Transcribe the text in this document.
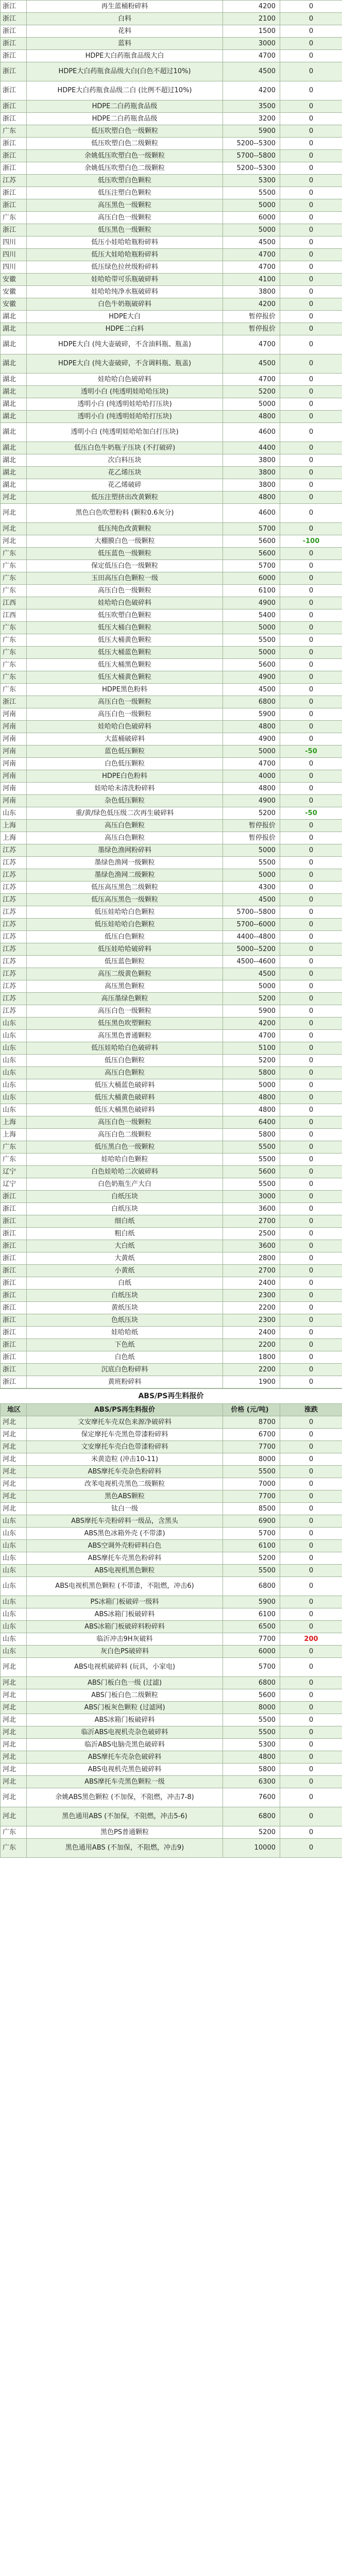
浙江	再生蓝桶粉碎料	4200	0
浙江	白料	2100	0
浙江	花料	1500	0
浙江	蓝料	3000	0
浙江	HDPE大白药瓶食品级大白	4700	0
浙江	HDPE大白药瓶食品级大白(白色不超过10%)	4500	0
浙江	HDPE大白药瓶食品级二白 (比例不超过10%)	4200	0
浙江	HDPE二白药瓶食品级	3500	0
浙江	HDPE二白药瓶食品级	3200	0
广东	低压吹塑白色一级颗粒	5900	0
浙江	低压吹塑白色二级颗粒	5200--5300	0
浙江	余姚低压吹塑白色一级颗粒	5700--5800	0
浙江	余姚低压吹塑白色二级颗粒	5200--5300	0
江苏	低压吹塑白色颗粒	5300	0
浙江	低压注塑白色颗粒	5500	0
浙江	高压黑色一级颗粒	5000	0
广东	高压白色一级颗粒	6000	0
浙江	低压黑色一级颗粒	5000	0
四川	低压小娃哈哈瓶粉碎料	4500	0
四川	低压大娃哈哈瓶粉碎料	4700	0
四川	低压绿色拉丝级粉碎料	4700	0
安徽	娃哈哈带可乐瓶破碎料	4100	0
安徽	娃哈哈纯净水瓶破碎料	3800	0
安徽	白色牛奶瓶破碎料	4200	0
湖北	HDPE大白	暂停报价	0
湖北	HDPE二白料	暂停报价	0
湖北	HDPE大白 (纯大壶破碎，不含油料瓶、瓶盖)	4700	0
湖北	HDPE大白 (纯大壶破碎，不含调料瓶、瓶盖)	4500	0
湖北	娃哈哈白色破碎料	4700	0
湖北	透明小白 (纯透明娃哈哈压块)	5200	0
湖北	透明小白 (纯透明娃哈哈打压块)	5000	0
湖北	透明小白 (纯透明娃哈哈打压块)	4800	0
湖北	透明小白 (纯透明娃哈哈加白打压块)	4600	0
湖北	低压白色牛奶瓶子压块 (不打破碎)	4400	0
湖北	次白料压块	3800	0
湖北	花乙烯压块	3800	0
湖北	花乙烯破碎	3800	0
河北	低压注塑挤出改黄颗粒	4800	0
河北	黑色白色吹塑粉料 (颗粒0.6灰分)	4600	0
河北	低压纯色改黄颗粒	5700	0
河北	大棚膜白色一级颗粒	5600	-100
广东	低压蓝色一级颗粒	5600	0
广东	保定低压白色一级颗粒	5700	0
广东	玉田高压白色颗粒一级	6000	0
广东	高压白色一级颗粒	6100	0
江西	娃哈哈白色破碎料	4900	0
江西	低压吹塑白色颗粒	5400	0
广东	低压大桶白色颗粒	5000	0
广东	低压大桶黄色颗粒	5500	0
广东	低压大桶蓝色颗粒	5000	0
广东	低压大桶黑色颗粒	5600	0
广东	低压大桶黄色颗粒	4900	0
广东	HDPE黑色粉料	4500	0
浙江	高压白色一级颗粒	6800	0
河南	高压白色一级颗粒	5900	0
河南	娃哈哈白色破碎料	4800	0
河南	大蓝桶破碎料	4900	0
河南	蓝色低压颗粒	5000	-50
河南	白色低压颗粒	4700	0
河南	HDPE白色粉料	4000	0
河南	娃哈哈未清洗粉碎料	4800	0
河南	杂色低压颗粒	4900	0
山东	重/黄/绿色低压级二次再生破碎料	5200	-50
上海	高压白色颗粒	暂停报价	0
上海	高压白色颗粒	暂停报价	0
江苏	墨绿色渔网粉碎料	5000	0
江苏	墨绿色渔网一级颗粒	5500	0
江苏	墨绿色渔网二级颗粒	5000	0
江苏	低压高压黑色二级颗粒	4300	0
江苏	低压高压黑色一级颗粒	4500	0
江苏	低压娃哈哈白色颗粒	5700--5800	0
江苏	低压娃哈哈白色颗粒	5700--6000	0
江苏	低压白色颗粒	4400--4800	0
江苏	低压娃哈哈破碎料	5000--5200	0
江苏	低压蓝色颗粒	4500--4600	0
江苏	高压二级黄色颗粒	4500	0
江苏	高压黑色颗粒	5000	0
江苏	高压墨绿色颗粒	5200	0
江苏	高压白色一级颗粒	5900	0
山东	低压黑色吹塑颗粒	4200	0
山东	高压黑色普通颗粒	4700	0
山东	低压娃哈哈白色破碎料	5100	0
山东	低压白色颗粒	5200	0
山东	高压白色颗粒	5800	0
山东	低压大桶蓝色破碎料	5000	0
山东	低压大桶黄色破碎料	4800	0
山东	低压大桶黑色破碎料	4800	0
上海	高压白色一级颗粒	6400	0
上海	高压白色二级颗粒	5800	0
广东	低压黑白色一级颗粒	5500	0
广东	娃哈哈白色颗粒	5500	0
辽宁	白色娃哈哈二次破碎料	5600	0
辽宁	白色奶瓶生产大白	5500	0
浙江	白纸压块	3000	0
浙江	白纸压块	3600	0
浙江	细白纸	2700	0
浙江	粗白纸	2500	0
浙江	大白纸	3600	0
浙江	大黄纸	2800	0
浙江	小黄纸	2700	0
浙江	白纸	2400	0
浙江	白纸压块	2300	0
浙江	黄纸压块	2200	0
浙江	色纸压块	2300	0
浙江	娃哈哈纸	2400	0
浙江	下色纸	2200	0
浙江	白色纸	1800	0
浙江	沉底白色粉碎料	2200	0
浙江	黄班粉碎料	1900	0
ABS/PS再生料报价
地区	ABS/PS再生料报价	价格 (元/吨)	涨跌
河北	文安摩托车壳双色来源净破碎料	8700	0
河北	保定摩托车壳黑色带漆粉碎料	6700	0
河北	文安摩托车壳白色带漆粉碎料	7700	0
河北	米黄造粒 (冲击10-11)	8000	0
河北	ABS摩托车壳杂色粉碎料	5500	0
河北	改苯电视机壳黑色二级颗粒	7000	0
河北	黑色ABS颗粒	7700	0
河北	钛白一级	8500	0
山东	ABS摩托车壳粉碎料一级品，含黑头	6900	0
山东	ABS黑色冰箱外壳 (不带漆)	5700	0
山东	ABS空调外壳粉碎料白色	6100	0
山东	ABS摩托车壳黑色粉碎料	5200	0
山东	ABS电视机黑色颗粒	5500	0
山东	ABS电视机黑色颗粒 (不带漆，不阻燃，冲击6)	6800	0
山东	PS冰箱门板破碎一级料	5900	0
山东	ABS冰箱门板破碎料	6100	0
山东	ABS冰箱门板破碎料粉碎料	6500	0
山东	临沂冲击9H灰破料	7700	200
山东	灰白色PS破碎料	6000	0
河北	ABS电视机破碎料 (玩具，小家电)	5700	0
河北	ABS门板白色一级 (过滤)	6800	0
河北	ABS门板白色二级颗粒	5600	0
河北	ABS门板灰色颗粒 (过滤网)	8000	0
河北	ABS冰箱门板破碎料	5500	0
河北	临沂ABS电视机壳杂色破碎料	5500	0
河北	临沂ABS电脑壳黑色破碎料	5300	0
河北	ABS摩托车壳杂色破碎料	4800	0
河北	ABS电视机壳黑色破碎料	5800	0
河北	ABS摩托车壳黑色颗粒一级	6300	0
河北	余姚ABS黑色颗粒 (不加保，不阻燃，冲击7-8)	7600	0
河北	黑色通用ABS (不加保，不阻燃，冲击5-6)	6800	0
广东	黑色PS普通颗粒	5200	0
广东	黑色通用ABS (不加保，不阻燃，冲击9)	10000	0
